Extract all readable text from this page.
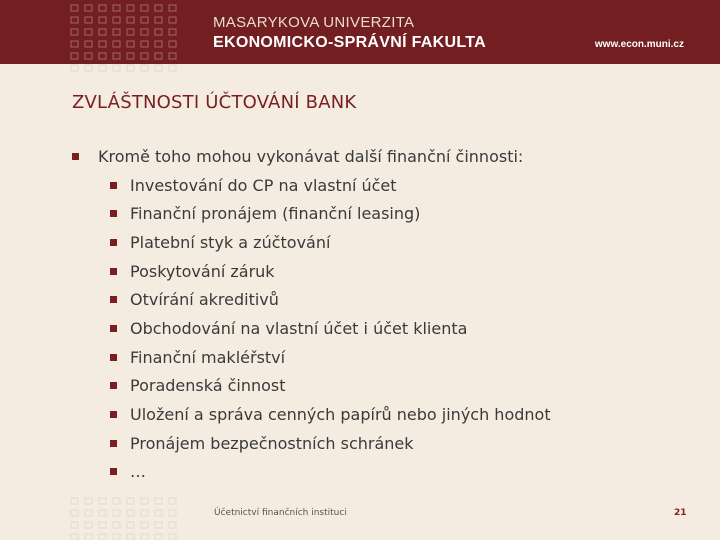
MASARYKOVA UNIVERZITA
EKONOMICKO-SPRÁVNÍ FAKULTA	www.econ.muni.cz
ZVLÁŠTNOSTI ÚČTOVÁNÍ BANK
Kromě toho mohou vykonávat další finanční činnosti:
Investování do CP na vlastní účet
Finanční pronájem (finanční leasing)
Platební styk a zúčtování
Poskytování záruk
Otvírání akreditivů
Obchodování na vlastní účet i účet klienta
Finanční makléřství
Poradenská činnost
Uložení a správa cenných papírů nebo jiných hodnot
Pronájem bezpečnostních schránek
…
Účetnictví finančních instituci	21
